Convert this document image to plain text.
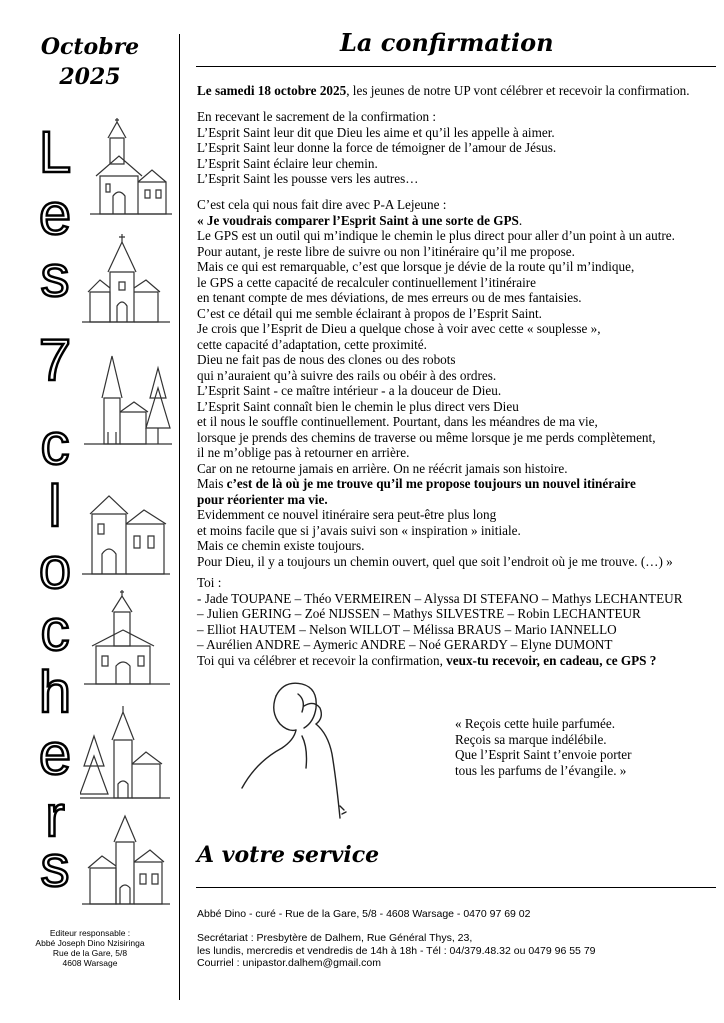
Octobre
2025
L
e
s
7
c
l
o
c
h
e
r
s
Editeur responsable :
Abbé Joseph Dino Nzisiringa
Rue de la Gare, 5/8
4608 Warsage
La confirmation

Le samedi 18 octobre 2025, les jeunes de notre UP vont célébrer et recevoir la confirmation.

En recevant le sacrement de la confirmation :

L’Esprit Saint leur dit que Dieu les aime et qu’il les appelle à aimer.

L’Esprit Saint leur donne la force de témoigner de l’amour de Jésus.

L’Esprit Saint éclaire leur chemin.

L’Esprit Saint les pousse vers les autres…

C’est cela qui nous fait dire avec P-A Lejeune :

« Je voudrais comparer l’Esprit Saint à une sorte de GPS.

Le GPS est un outil qui m’indique le chemin le plus direct pour aller d’un point à un autre.

Pour autant, je reste libre de suivre ou non l’itinéraire qu’il me propose.

Mais ce qui est remarquable, c’est que lorsque je dévie de la route qu’il m’indique,

le GPS a cette capacité de recalculer continuellement l’itinéraire

en tenant compte de mes déviations, de mes erreurs ou de mes fantaisies.

C’est ce détail qui me semble éclairant à propos de l’Esprit Saint.

Je crois que l’Esprit de Dieu a quelque chose à voir avec cette « souplesse »,

cette capacité d’adaptation, cette proximité.

Dieu ne fait pas de nous des clones ou des robots

qui n’auraient qu’à suivre des rails ou obéir à des ordres.

L’Esprit Saint - ce maître intérieur - a la douceur de Dieu.

L’Esprit Saint connaît bien le chemin le plus direct vers Dieu

et il nous le souffle continuellement. Pourtant, dans les méandres de ma vie,

lorsque je prends des chemins de traverse ou même lorsque je me perds complètement,

il ne m’oblige pas à retourner en arrière.

Car on ne retourne jamais en arrière. On ne réécrit jamais son histoire.

Mais c’est de là où je me trouve qu’il me propose toujours un nouvel itinéraire

pour réorienter ma vie.

Evidemment ce nouvel itinéraire sera peut-être plus long

et moins facile que si j’avais suivi son « inspiration » initiale.

Mais ce chemin existe toujours.

Pour Dieu, il y a toujours un chemin ouvert, quel que soit l’endroit où je me trouve. (…) »

Toi :

- Jade TOUPANE – Théo VERMEIREN – Alyssa DI STEFANO – Mathys LECHANTEUR

– Julien GERING – Zoé NIJSSEN – Mathys SILVESTRE – Robin LECHANTEUR

– Elliot HAUTEM – Nelson WILLOT – Mélissa BRAUS – Mario IANNELLO

– Aurélien ANDRE – Aymeric ANDRE – Noé GERARDY – Elyne DUMONT

Toi qui va célébrer et recevoir la confirmation, veux-tu recevoir, en cadeau, ce GPS ?

« Reçois cette huile parfumée.

Reçois sa marque indélébile.

Que l’Esprit Saint t’envoie porter

tous les parfums de l’évangile. »

A votre service

Abbé Dino - curé - Rue de la Gare, 5/8 - 4608 Warsage - 0470 97 69 02

Secrétariat : Presbytère de Dalhem, Rue Général Thys, 23,

les lundis, mercredis et vendredis de 14h à 18h - Tél : 04/379.48.32 ou 0479 96 55 79

Courriel : unipastor.dalhem@gmail.com
